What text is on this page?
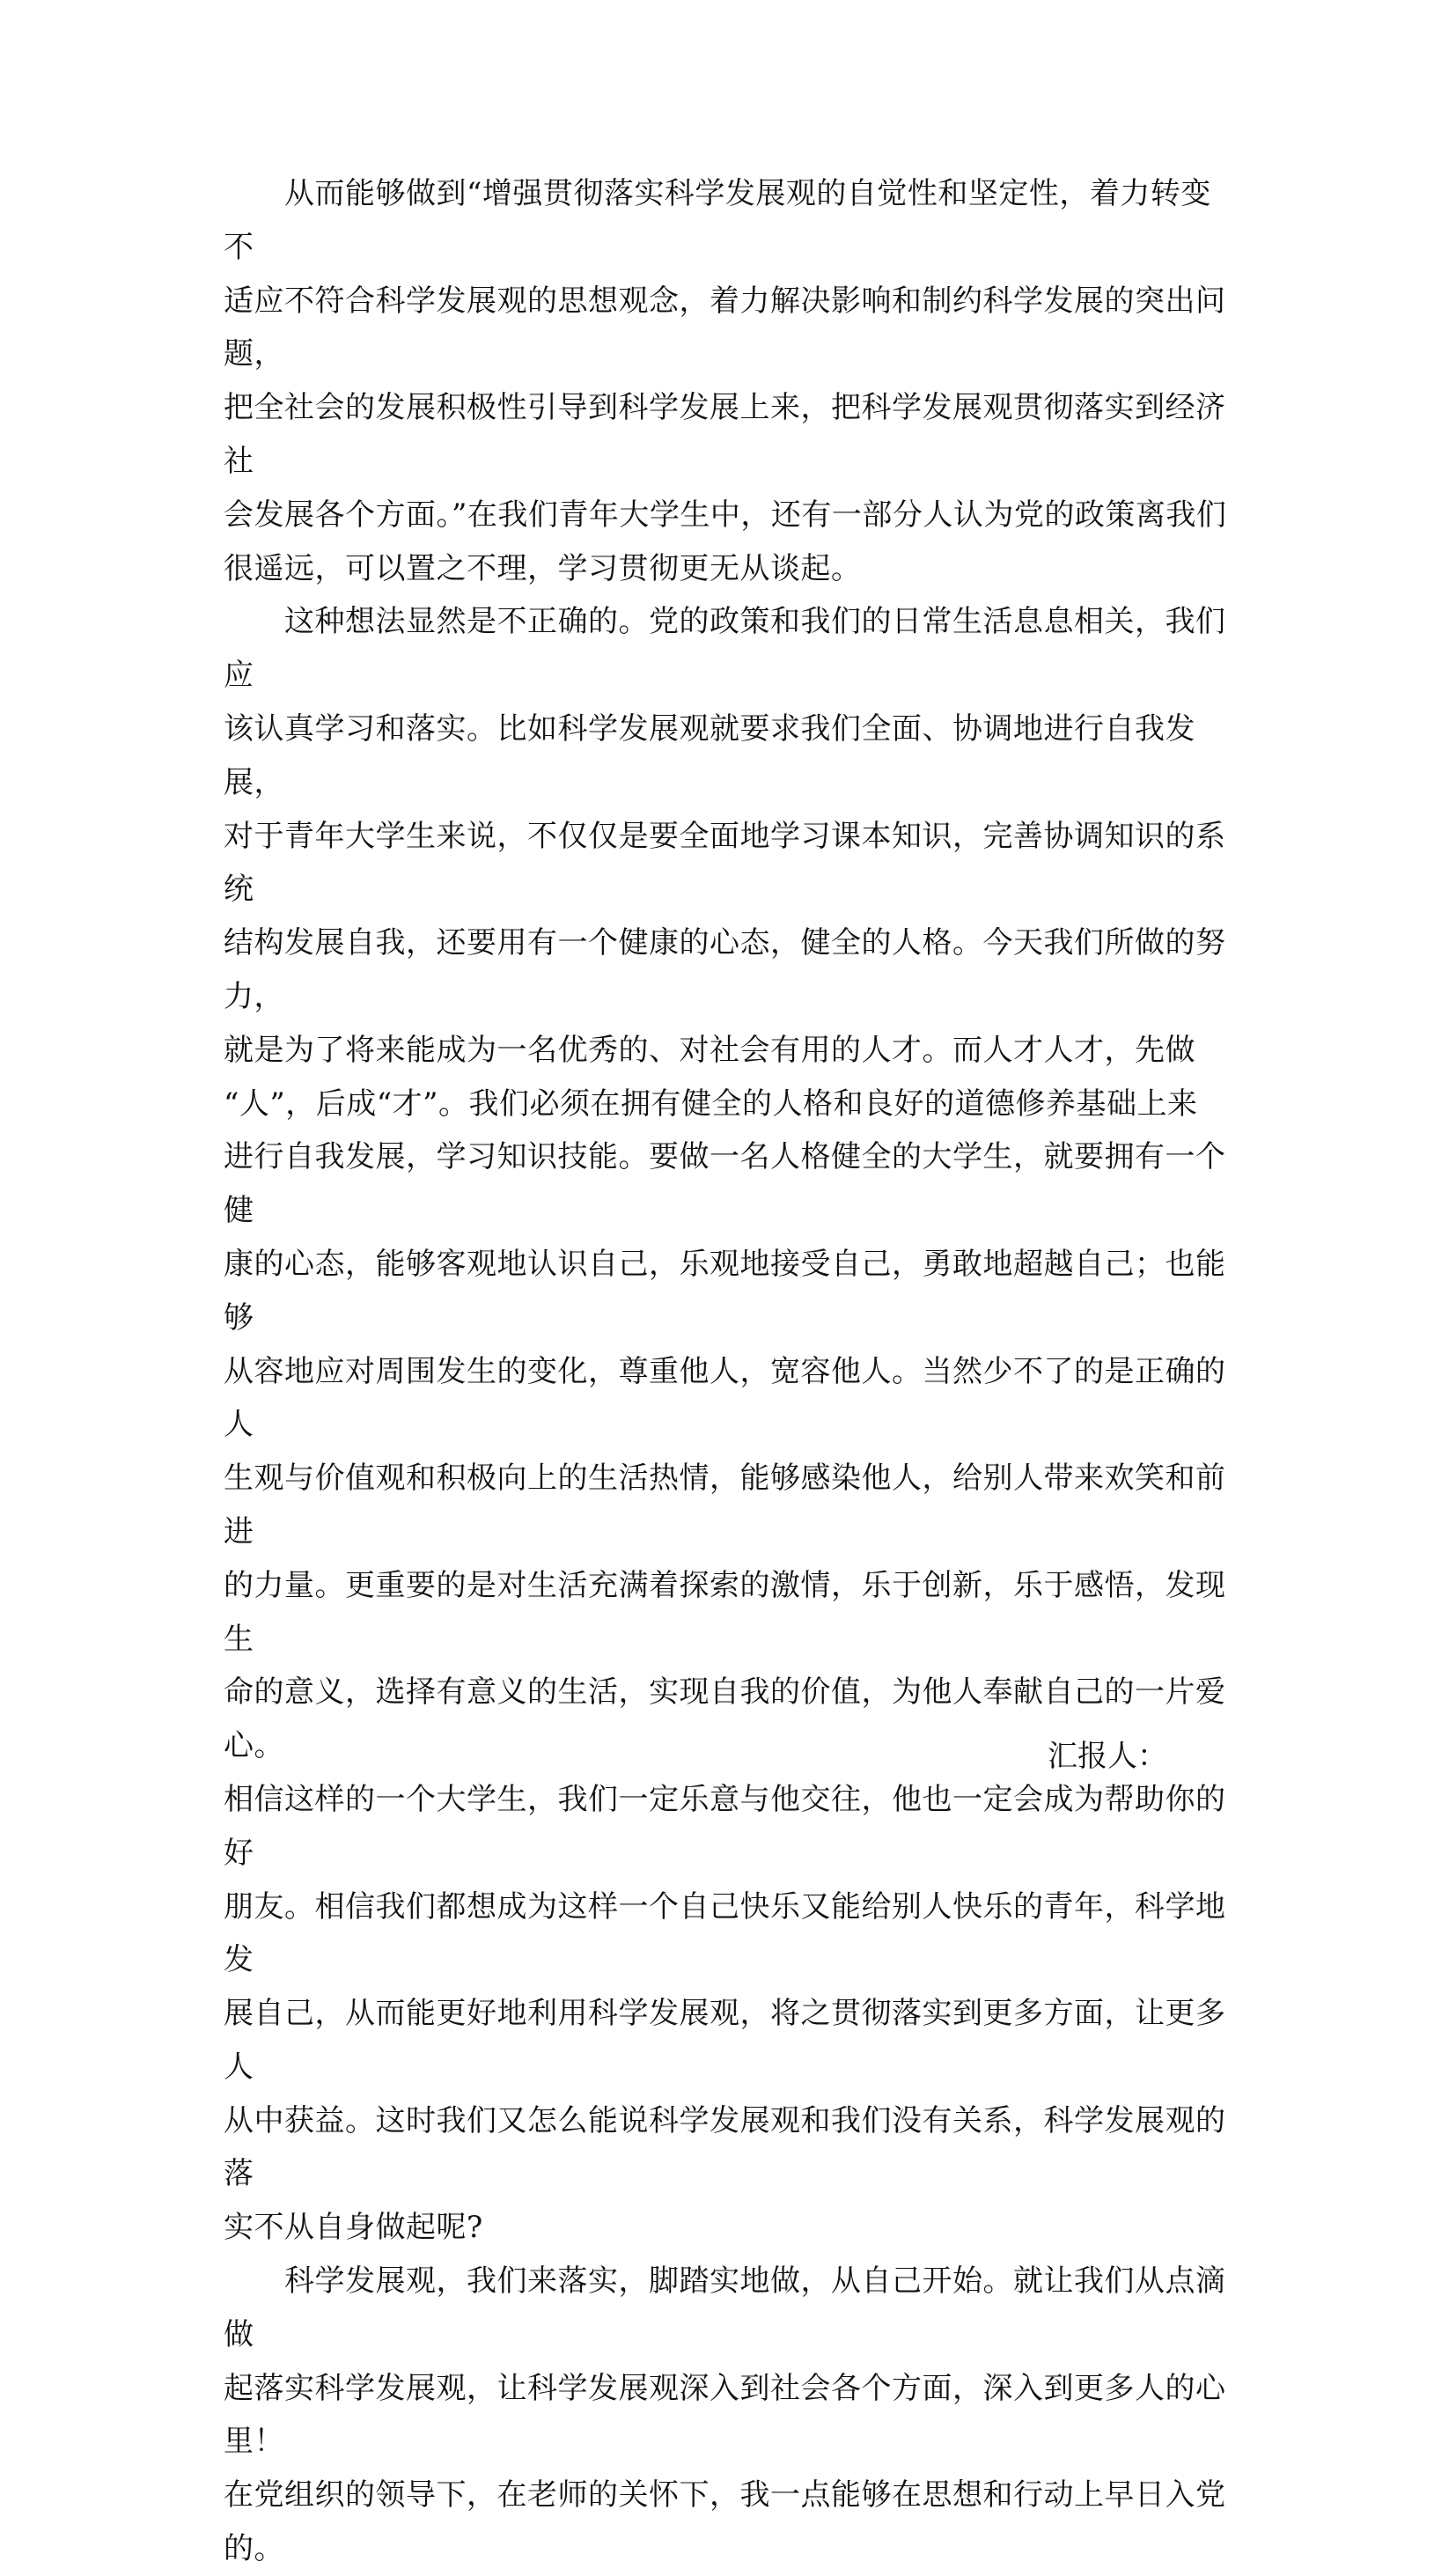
　　从而能够做到“增强贯彻落实科学发展观的自觉性和坚定性，着力转变不
适应不符合科学发展观的思想观念，着力解决影响和制约科学发展的突出问题，
把全社会的发展积极性引导到科学发展上来，把科学发展观贯彻落实到经济社
会发展各个方面。”在我们青年大学生中，还有一部分人认为党的政策离我们
很遥远，可以置之不理，学习贯彻更无从谈起。

　　这种想法显然是不正确的。党的政策和我们的日常生活息息相关，我们应
该认真学习和落实。比如科学发展观就要求我们全面、协调地进行自我发展，
对于青年大学生来说，不仅仅是要全面地学习课本知识，完善协调知识的系统
结构发展自我，还要用有一个健康的心态，健全的人格。今天我们所做的努力，
就是为了将来能成为一名优秀的、对社会有用的人才。而人才人才，先做
“人”，后成“才”。我们必须在拥有健全的人格和良好的道德修养基础上来
进行自我发展，学习知识技能。要做一名人格健全的大学生，就要拥有一个健
康的心态，能够客观地认识自己，乐观地接受自己，勇敢地超越自己；也能够
从容地应对周围发生的变化，尊重他人，宽容他人。当然少不了的是正确的人
生观与价值观和积极向上的生活热情，能够感染他人，给别人带来欢笑和前进
的力量。更重要的是对生活充满着探索的激情，乐于创新，乐于感悟，发现生
命的意义，选择有意义的生活，实现自我的价值，为他人奉献自己的一片爱心。
相信这样的一个大学生，我们一定乐意与他交往，他也一定会成为帮助你的好
朋友。相信我们都想成为这样一个自己快乐又能给别人快乐的青年，科学地发
展自己，从而能更好地利用科学发展观，将之贯彻落实到更多方面，让更多人
从中获益。这时我们又怎么能说科学发展观和我们没有关系，科学发展观的落
实不从自身做起呢?

　　科学发展观，我们来落实，脚踏实地做，从自己开始。就让我们从点滴做
起落实科学发展观，让科学发展观深入到社会各个方面，深入到更多人的心里！
在党组织的领导下，在老师的关怀下，我一点能够在思想和行动上早日入党的。

汇报人：
